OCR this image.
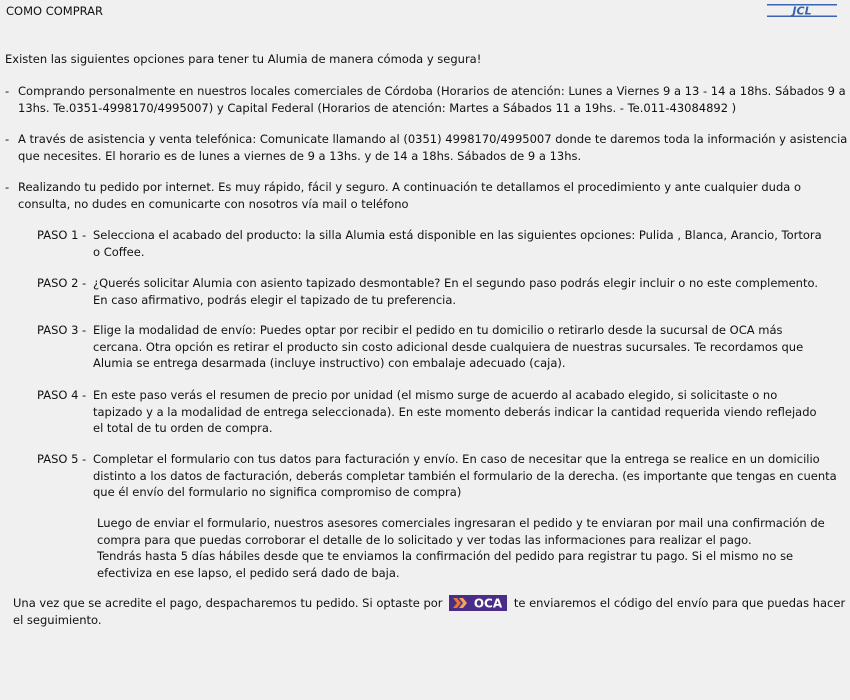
COMO COMPRAR	JCL
Existen las siguientes opciones para tener tu Alumia de manera cómoda y segura!
- Comprando personalmente en nuestros locales comerciales de Córdoba (Horarios de atención: Lunes a Viernes 9 a 13 - 14 a 18hs. Sábados 9 a
13hs. Te.0351-4998170/4995007) y Capital Federal (Horarios de atención: Martes a Sábados 11 a 19hs. - Te.011-43084892 )
- A través de asistencia y venta telefónica: Comunicate llamando al (0351) 4998170/4995007 donde te daremos toda la información y asistencia
que necesites. El horario es de lunes a viernes de 9 a 13hs. y de 14 a 18hs. Sábados de 9 a 13hs.
- Realizando tu pedido por internet. Es muy rápido, fácil y seguro. A continuación te detallamos el procedimiento y ante cualquier duda o
consulta, no dudes en comunicarte con nosotros vía mail o teléfono
PASO 1 - Selecciona el acabado del producto: la silla Alumia está disponible en las siguientes opciones: Pulida , Blanca, Arancio, Tortora
o Coffee.
PASO 2 - ¿Querés solicitar Alumia con asiento tapizado desmontable? En el segundo paso podrás elegir incluir o no este complemento.
En caso afirmativo, podrás elegir el tapizado de tu preferencia.
PASO 3 - Elige la modalidad de envío: Puedes optar por recibir el pedido en tu domicilio o retirarlo desde la sucursal de OCA más
cercana. Otra opción es retirar el producto sin costo adicional desde cualquiera de nuestras sucursales. Te recordamos que
Alumia se entrega desarmada (incluye instructivo) con embalaje adecuado (caja).
PASO 4 - En este paso verás el resumen de precio por unidad (el mismo surge de acuerdo al acabado elegido, si solicitaste o no
tapizado y a la modalidad de entrega seleccionada). En este momento deberás indicar la cantidad requerida viendo reflejado
el total de tu orden de compra.
PASO 5 - Completar el formulario con tus datos para facturación y envío. En caso de necesitar que la entrega se realice en un domicilio
distinto a los datos de facturación, deberás completar también el formulario de la derecha. (es importante que tengas en cuenta
que él envío del formulario no significa compromiso de compra)
Luego de enviar el formulario, nuestros asesores comerciales ingresaran el pedido y te enviaran por mail una confirmación de
compra para que puedas corroborar el detalle de lo solicitado y ver todas las informaciones para realizar el pago.
Tendrás hasta 5 días hábiles desde que te enviamos la confirmación del pedido para registrar tu pago. Si el mismo no se
efectiviza en ese lapso, el pedido será dado de baja.
Una vez que se acredite el pago, despacharemos tu pedido. Si optaste por	OCA te enviaremos el código del envío para que puedas hacer
el seguimiento.
